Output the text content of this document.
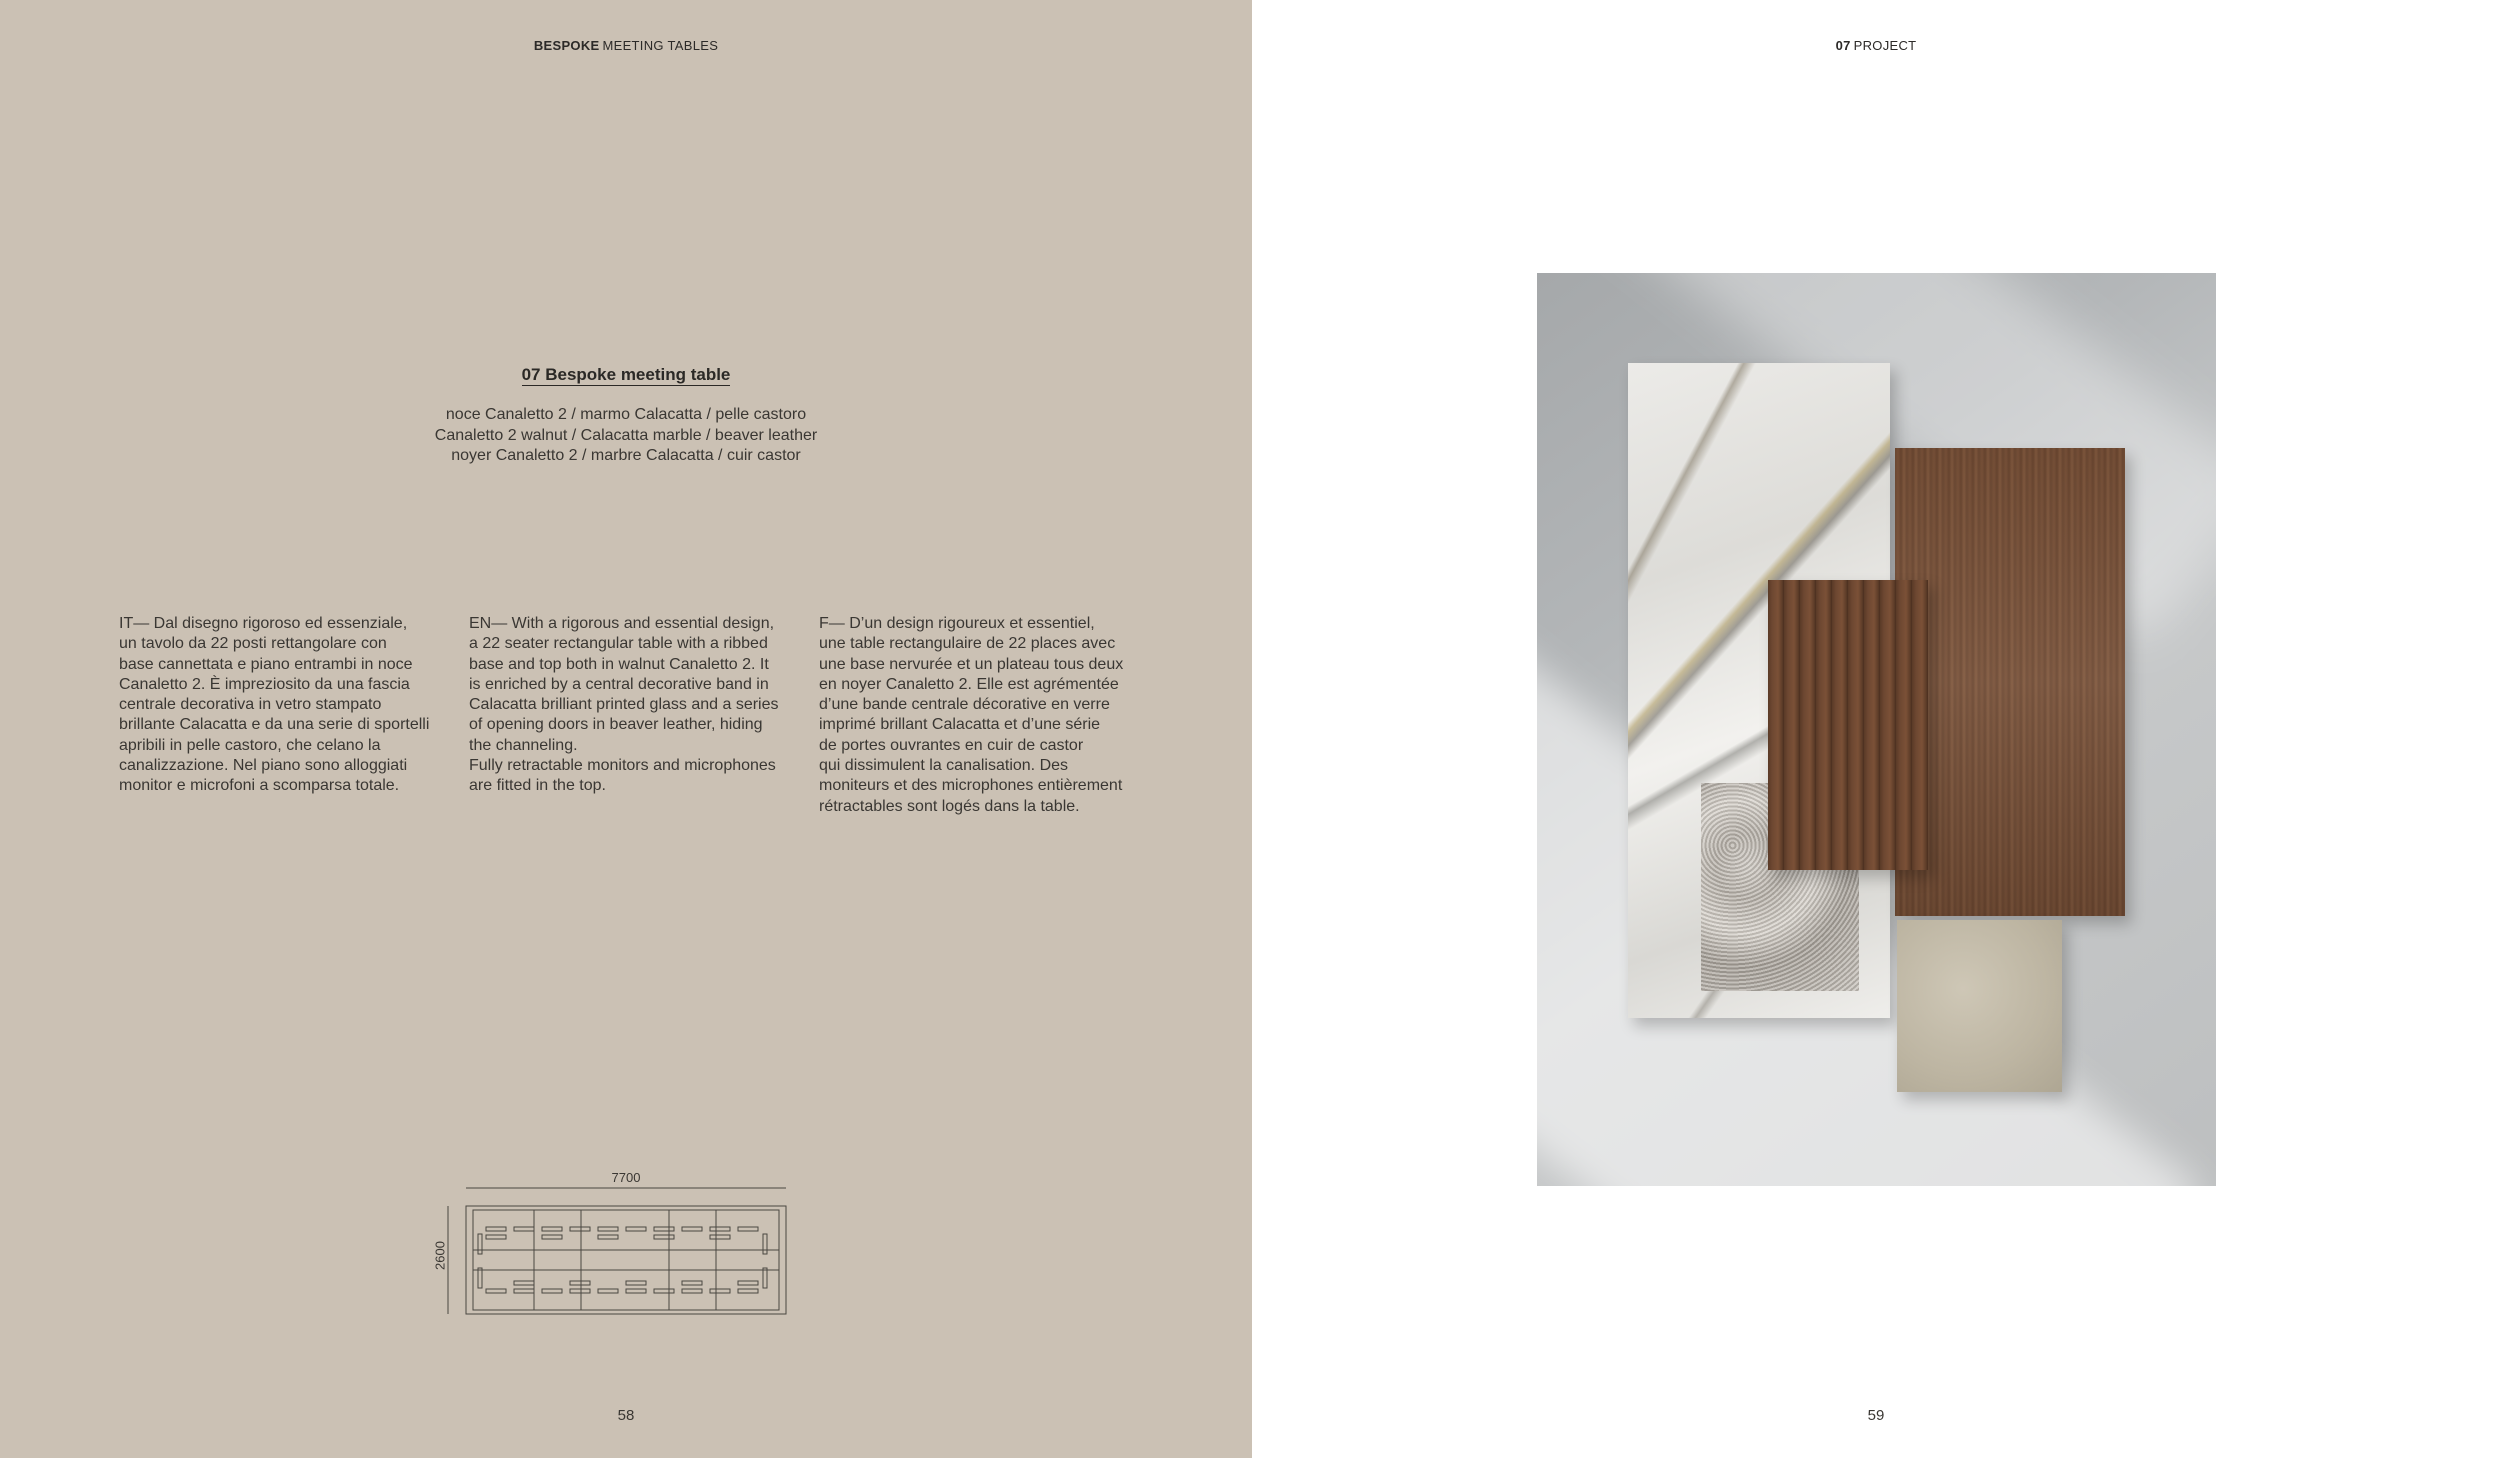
BESPOKE MEETING TABLES
07 Bespoke meeting table
noce Canaletto 2 / marmo Calacatta / pelle castoro
Canaletto 2 walnut / Calacatta marble / beaver leather
noyer Canaletto 2 / marbre Calacatta / cuir castor
IT— Dal disegno rigoroso ed essenziale,
un tavolo da 22 posti rettangolare con
base cannettata e piano entrambi in noce
Canaletto 2. È impreziosito da una fascia
centrale decorativa in vetro stampato
brillante Calacatta e da una serie di sportelli
apribili in pelle castoro, che celano la
canalizzazione. Nel piano sono alloggiati
monitor e microfoni a scomparsa totale.
EN— With a rigorous and essential design,
a 22 seater rectangular table with a ribbed
base and top both in walnut Canaletto 2. It
is enriched by a central decorative band in
Calacatta brilliant printed glass and a series
of opening doors in beaver leather, hiding
the channeling.
Fully retractable monitors and microphones
are fitted in the top.
F— D’un design rigoureux et essentiel,
une table rectangulaire de 22 places avec
une base nervurée et un plateau tous deux
en noyer Canaletto 2. Elle est agrémentée
d’une bande centrale décorative en verre
imprimé brillant Calacatta et d’une série
de portes ouvrantes en cuir de castor
qui dissimulent la canalisation. Des
moniteurs et des microphones entièrement
rétractables sont logés dans la table.
7700
2600
58
07 PROJECT
59
